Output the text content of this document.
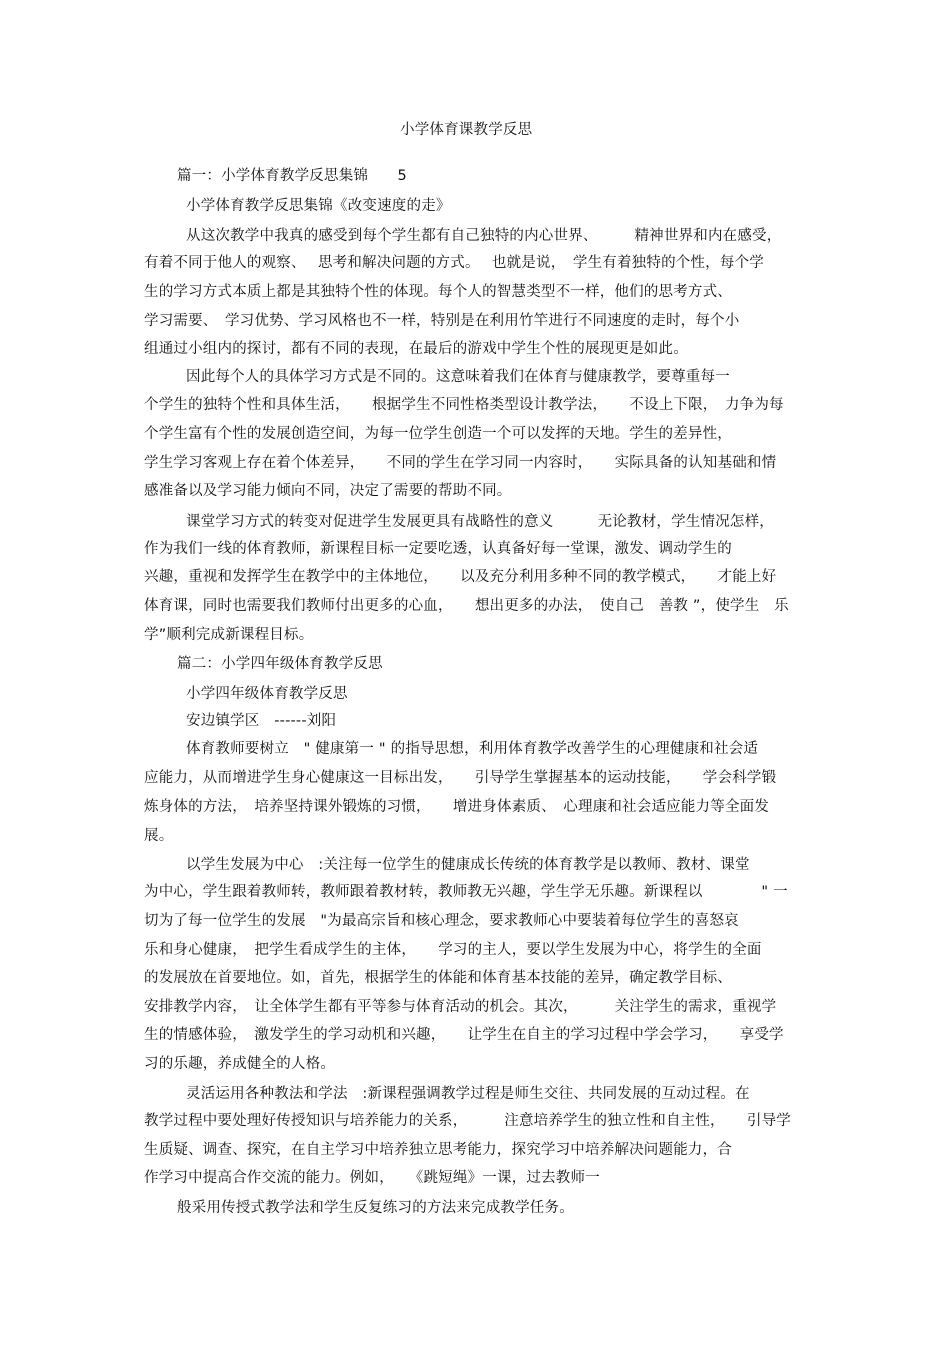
小学体育课教学反思
篇一：小学体育教学反思集锦　　5
小学体育教学反思集锦《改变速度的走》
从这次教学中我真的感受到每个学生都有自己独特的内心世界、　　　精神世界和内在感受，
有着不同于他人的观察、　 思考和解决问题的方式。　 也就是说，　学生有着独特的个性，每个学
生的学习方式本质上都是其独特个性的体现。每个人的智慧类型不一样，他们的思考方式、
学习需要、　学习优势、学习风格也不一样，特别是在利用竹竿进行不同速度的走时，每个小
组通过小组内的探讨，都有不同的表现，在最后的游戏中学生个性的展现更是如此。
因此每个人的具体学习方式是不同的。这意味着我们在体育与健康教学，要尊重每一
个学生的独特个性和具体生活，　　根据学生不同性格类型设计教学法，　　不设上下限，　力争为每
个学生富有个性的发展创造空间，为每一位学生创造一个可以发挥的天地。学生的差异性，
学生学习客观上存在着个体差异，　　不同的学生在学习同一内容时，　　实际具备的认知基础和情
感准备以及学习能力倾向不同，决定了需要的帮助不同。
课堂学习方式的转变对促进学生发展更具有战略性的意义　　　无论教材，学生情况怎样，
作为我们一线的体育教师，新课程目标一定要吃透，认真备好每一堂课，激发、调动学生的
兴趣，重视和发挥学生在教学中的主体地位，　　以及充分利用多种不同的教学模式，　　才能上好
体育课，同时也需要我们教师付出更多的心血，　　想出更多的办法，　使自己　善教 ”，使学生　乐
学”顺利完成新课程目标。
篇二：小学四年级体育教学反思
小学四年级体育教学反思
安边镇学区　------刘阳
体育教师要树立　" 健康第一 " 的指导思想，利用体育教学改善学生的心理健康和社会适
应能力，从而增进学生身心健康这一目标出发，　　引导学生掌握基本的运动技能，　　学会科学锻
炼身体的方法，　培养坚持课外锻炼的习惯，　　增进身体素质、　心理康和社会适应能力等全面发
展。
以学生发展为中心　:关注每一位学生的健康成长传统的体育教学是以教师、教材、课堂
为中心，学生跟着教师转，教师跟着教材转，教师教无兴趣，学生学无乐趣。新课程以　　　　" 一
切为了每一位学生的发展　"为最高宗旨和核心理念，要求教师心中要装着每位学生的喜怒哀
乐和身心健康，　把学生看成学生的主体，　　学习的主人，要以学生发展为中心，将学生的全面
的发展放在首要地位。如，首先，根据学生的体能和体育基本技能的差异，确定教学目标、
安排教学内容，　让全体学生都有平等参与体育活动的机会。其次，　　　关注学生的需求，重视学
生的情感体验，　激发学生的学习动机和兴趣，　　让学生在自主的学习过程中学会学习，　　享受学
习的乐趣，养成健全的人格。
灵活运用各种教法和学法　:新课程强调教学过程是师生交往、共同发展的互动过程。在
教学过程中要处理好传授知识与培养能力的关系，　　　注意培养学生的独立性和自主性，　　引导学
生质疑、调查、探究，在自主学习中培养独立思考能力，探究学习中培养解决问题能力，合
作学习中提高合作交流的能力。例如，　　《跳短绳》一课，过去教师一
般采用传授式教学法和学生反复练习的方法来完成教学任务。
